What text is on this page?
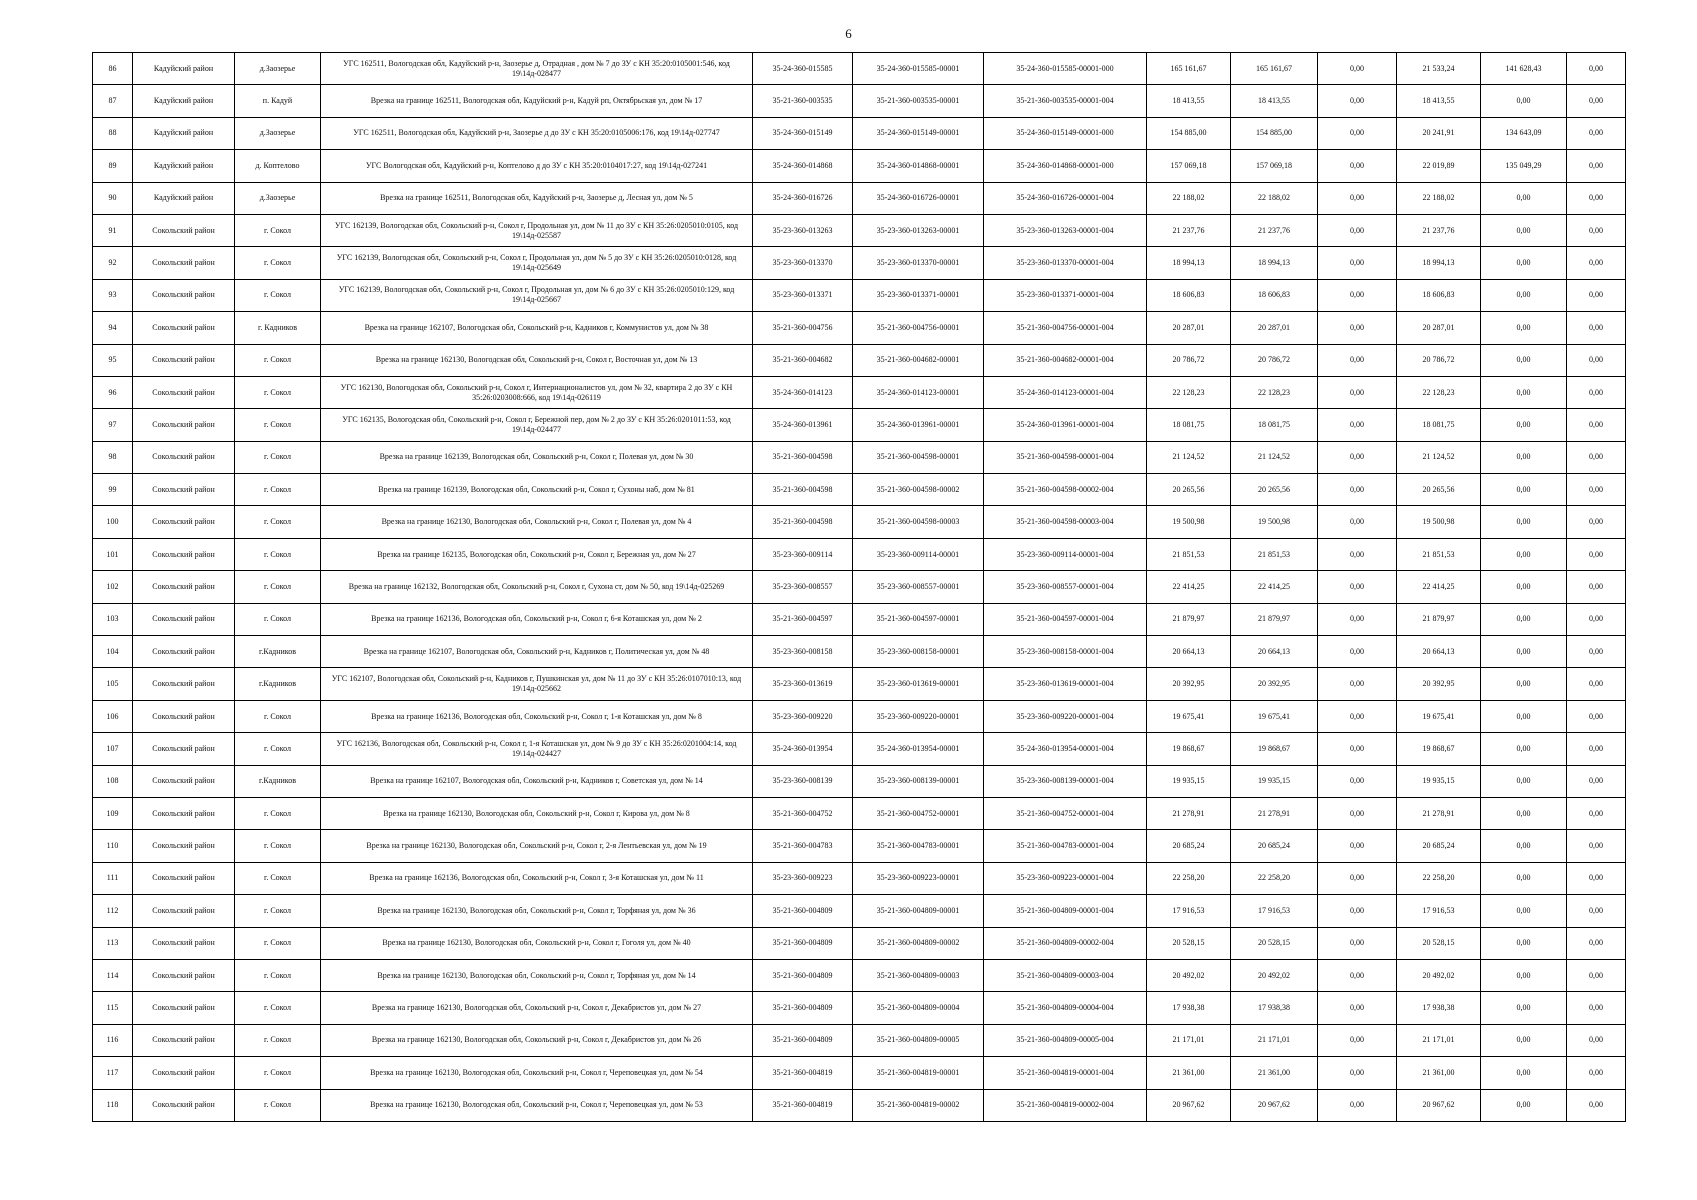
6
86	Кадуйский район	д.Заозерье	УГС 162511, Вологодская обл, Кадуйский р-н, Заозерье д, Отрадная , дом № 7 до ЗУ с КН 35:20:0105001:546, код 19\14д-028477	35-24-360-015585	35-24-360-015585-00001	35-24-360-015585-00001-000	165 161,67	165 161,67	0,00	21 533,24	141 628,43	0,00
87	Кадуйский район	п. Кадуй	Врезка на границе 162511, Вологодская обл, Кадуйский р-н, Кадуй рп, Октябрьская ул, дом № 17	35-21-360-003535	35-21-360-003535-00001	35-21-360-003535-00001-004	18 413,55	18 413,55	0,00	18 413,55	0,00	0,00
88	Кадуйский район	д.Заозерье	УГС 162511, Вологодская обл, Кадуйский р-н, Заозерье д до ЗУ с КН 35:20:0105006:176, код 19\14д-027747	35-24-360-015149	35-24-360-015149-00001	35-24-360-015149-00001-000	154 885,00	154 885,00	0,00	20 241,91	134 643,09	0,00
89	Кадуйский район	д. Коптелово	УГС Вологодская обл, Кадуйский р-н, Коптелово д до ЗУ с КН 35:20:0104017:27, код 19\14д-027241	35-24-360-014868	35-24-360-014868-00001	35-24-360-014868-00001-000	157 069,18	157 069,18	0,00	22 019,89	135 049,29	0,00
90	Кадуйский район	д.Заозерье	Врезка на границе 162511, Вологодская обл, Кадуйский р-н, Заозерье д, Лесная ул, дом № 5	35-24-360-016726	35-24-360-016726-00001	35-24-360-016726-00001-004	22 188,02	22 188,02	0,00	22 188,02	0,00	0,00
91	Сокольский район	г. Сокол	УГС 162139, Вологодская обл, Сокольский р-н, Сокол г, Продольная ул, дом № 11 до ЗУ с КН 35:26:0205010:0105, код 19\14д-025587	35-23-360-013263	35-23-360-013263-00001	35-23-360-013263-00001-004	21 237,76	21 237,76	0,00	21 237,76	0,00	0,00
92	Сокольский район	г. Сокол	УГС 162139, Вологодская обл, Сокольский р-н, Сокол г, Продольная ул, дом № 5 до ЗУ с КН 35:26:0205010:0128, код 19\14д-025649	35-23-360-013370	35-23-360-013370-00001	35-23-360-013370-00001-004	18 994,13	18 994,13	0,00	18 994,13	0,00	0,00
93	Сокольский район	г. Сокол	УГС 162139, Вологодская обл, Сокольский р-н, Сокол г, Продольная ул, дом № 6 до ЗУ с КН 35:26:0205010:129, код 19\14д-025667	35-23-360-013371	35-23-360-013371-00001	35-23-360-013371-00001-004	18 606,83	18 606,83	0,00	18 606,83	0,00	0,00
94	Сокольский район	г. Кадников	Врезка на границе 162107, Вологодская обл, Сокольский р-н, Кадников г, Коммунистов ул, дом № 38	35-21-360-004756	35-21-360-004756-00001	35-21-360-004756-00001-004	20 287,01	20 287,01	0,00	20 287,01	0,00	0,00
95	Сокольский район	г. Сокол	Врезка на границе 162130, Вологодская обл, Сокольский р-н, Сокол г, Восточная ул, дом № 13	35-21-360-004682	35-21-360-004682-00001	35-21-360-004682-00001-004	20 786,72	20 786,72	0,00	20 786,72	0,00	0,00
96	Сокольский район	г. Сокол	УГС 162130, Вологодская обл, Сокольский р-н, Сокол г, Интернационалистов ул, дом № 32, квартира 2 до ЗУ с КН 35:26:0203008:666, код 19\14д-026119	35-24-360-014123	35-24-360-014123-00001	35-24-360-014123-00001-004	22 128,23	22 128,23	0,00	22 128,23	0,00	0,00
97	Сокольский район	г. Сокол	УГС 162135, Вологодская обл, Сокольский р-н, Сокол г, Бережной пер, дом № 2 до ЗУ с КН 35:26:0201011:53, код 19\14д-024477	35-24-360-013961	35-24-360-013961-00001	35-24-360-013961-00001-004	18 081,75	18 081,75	0,00	18 081,75	0,00	0,00
98	Сокольский район	г. Сокол	Врезка на границе 162139, Вологодская обл, Сокольский р-н, Сокол г, Полевая ул, дом № 30	35-21-360-004598	35-21-360-004598-00001	35-21-360-004598-00001-004	21 124,52	21 124,52	0,00	21 124,52	0,00	0,00
99	Сокольский район	г. Сокол	Врезка на границе 162139, Вологодская обл, Сокольский р-н, Сокол г, Сухоны наб, дом № 81	35-21-360-004598	35-21-360-004598-00002	35-21-360-004598-00002-004	20 265,56	20 265,56	0,00	20 265,56	0,00	0,00
100	Сокольский район	г. Сокол	Врезка на границе 162130, Вологодская обл, Сокольский р-н, Сокол г, Полевая ул, дом № 4	35-21-360-004598	35-21-360-004598-00003	35-21-360-004598-00003-004	19 500,98	19 500,98	0,00	19 500,98	0,00	0,00
101	Сокольский район	г. Сокол	Врезка на границе 162135, Вологодская обл, Сокольский р-н, Сокол г, Бережная ул, дом № 27	35-23-360-009114	35-23-360-009114-00001	35-23-360-009114-00001-004	21 851,53	21 851,53	0,00	21 851,53	0,00	0,00
102	Сокольский район	г. Сокол	Врезка на границе 162132, Вологодская обл, Сокольский р-н, Сокол г, Сухона ст, дом № 50, код 19\14д-025269	35-23-360-008557	35-23-360-008557-00001	35-23-360-008557-00001-004	22 414,25	22 414,25	0,00	22 414,25	0,00	0,00
103	Сокольский район	г. Сокол	Врезка на границе 162136, Вологодская обл, Сокольский р-н, Сокол г, 6-я Коташская ул, дом № 2	35-21-360-004597	35-21-360-004597-00001	35-21-360-004597-00001-004	21 879,97	21 879,97	0,00	21 879,97	0,00	0,00
104	Сокольский район	г.Кадников	Врезка на границе 162107, Вологодская обл, Сокольский р-н, Кадников г, Политическая ул, дом № 48	35-23-360-008158	35-23-360-008158-00001	35-23-360-008158-00001-004	20 664,13	20 664,13	0,00	20 664,13	0,00	0,00
105	Сокольский район	г.Кадников	УГС 162107, Вологодская обл, Сокольский р-н, Кадников г, Пушкинская ул, дом № 11 до ЗУ с КН 35:26:0107010:13, код 19\14д-025662	35-23-360-013619	35-23-360-013619-00001	35-23-360-013619-00001-004	20 392,95	20 392,95	0,00	20 392,95	0,00	0,00
106	Сокольский район	г. Сокол	Врезка на границе 162136, Вологодская обл, Сокольский р-н, Сокол г, 1-я Коташская ул, дом № 8	35-23-360-009220	35-23-360-009220-00001	35-23-360-009220-00001-004	19 675,41	19 675,41	0,00	19 675,41	0,00	0,00
107	Сокольский район	г. Сокол	УГС 162136, Вологодская обл, Сокольский р-н, Сокол г, 1-я Коташская ул, дом № 9 до ЗУ с КН 35:26:0201004:14, код 19\14д-024427	35-24-360-013954	35-24-360-013954-00001	35-24-360-013954-00001-004	19 868,67	19 868,67	0,00	19 868,67	0,00	0,00
108	Сокольский район	г.Кадников	Врезка на границе 162107, Вологодская обл, Сокольский р-н, Кадников г, Советская ул, дом № 14	35-23-360-008139	35-23-360-008139-00001	35-23-360-008139-00001-004	19 935,15	19 935,15	0,00	19 935,15	0,00	0,00
109	Сокольский район	г. Сокол	Врезка на границе 162130, Вологодская обл, Сокольский р-н, Сокол г, Кирова ул, дом № 8	35-21-360-004752	35-21-360-004752-00001	35-21-360-004752-00001-004	21 278,91	21 278,91	0,00	21 278,91	0,00	0,00
110	Сокольский район	г. Сокол	Врезка на границе 162130, Вологодская обл, Сокольский р-н, Сокол г, 2-я Лентьевская ул, дом № 19	35-21-360-004783	35-21-360-004783-00001	35-21-360-004783-00001-004	20 685,24	20 685,24	0,00	20 685,24	0,00	0,00
111	Сокольский район	г. Сокол	Врезка на границе 162136, Вологодская обл, Сокольский р-н, Сокол г, 3-я Коташская ул, дом № 11	35-23-360-009223	35-23-360-009223-00001	35-23-360-009223-00001-004	22 258,20	22 258,20	0,00	22 258,20	0,00	0,00
112	Сокольский район	г. Сокол	Врезка на границе 162130, Вологодская обл, Сокольский р-н, Сокол г, Торфяная ул, дом № 36	35-21-360-004809	35-21-360-004809-00001	35-21-360-004809-00001-004	17 916,53	17 916,53	0,00	17 916,53	0,00	0,00
113	Сокольский район	г. Сокол	Врезка на границе 162130, Вологодская обл, Сокольский р-н, Сокол г, Гоголя ул, дом № 40	35-21-360-004809	35-21-360-004809-00002	35-21-360-004809-00002-004	20 528,15	20 528,15	0,00	20 528,15	0,00	0,00
114	Сокольский район	г. Сокол	Врезка на границе 162130, Вологодская обл, Сокольский р-н, Сокол г, Торфяная ул, дом № 14	35-21-360-004809	35-21-360-004809-00003	35-21-360-004809-00003-004	20 492,02	20 492,02	0,00	20 492,02	0,00	0,00
115	Сокольский район	г. Сокол	Врезка на границе 162130, Вологодская обл, Сокольский р-н, Сокол г, Декабристов ул, дом № 27	35-21-360-004809	35-21-360-004809-00004	35-21-360-004809-00004-004	17 938,38	17 938,38	0,00	17 938,38	0,00	0,00
116	Сокольский район	г. Сокол	Врезка на границе 162130, Вологодская обл, Сокольский р-н, Сокол г, Декабристов ул, дом № 26	35-21-360-004809	35-21-360-004809-00005	35-21-360-004809-00005-004	21 171,01	21 171,01	0,00	21 171,01	0,00	0,00
117	Сокольский район	г. Сокол	Врезка на границе 162130, Вологодская обл, Сокольский р-н, Сокол г, Череповецкая ул, дом № 54	35-21-360-004819	35-21-360-004819-00001	35-21-360-004819-00001-004	21 361,00	21 361,00	0,00	21 361,00	0,00	0,00
118	Сокольский район	г. Сокол	Врезка на границе 162130, Вологодская обл, Сокольский р-н, Сокол г, Череповецкая ул, дом № 53	35-21-360-004819	35-21-360-004819-00002	35-21-360-004819-00002-004	20 967,62	20 967,62	0,00	20 967,62	0,00	0,00
